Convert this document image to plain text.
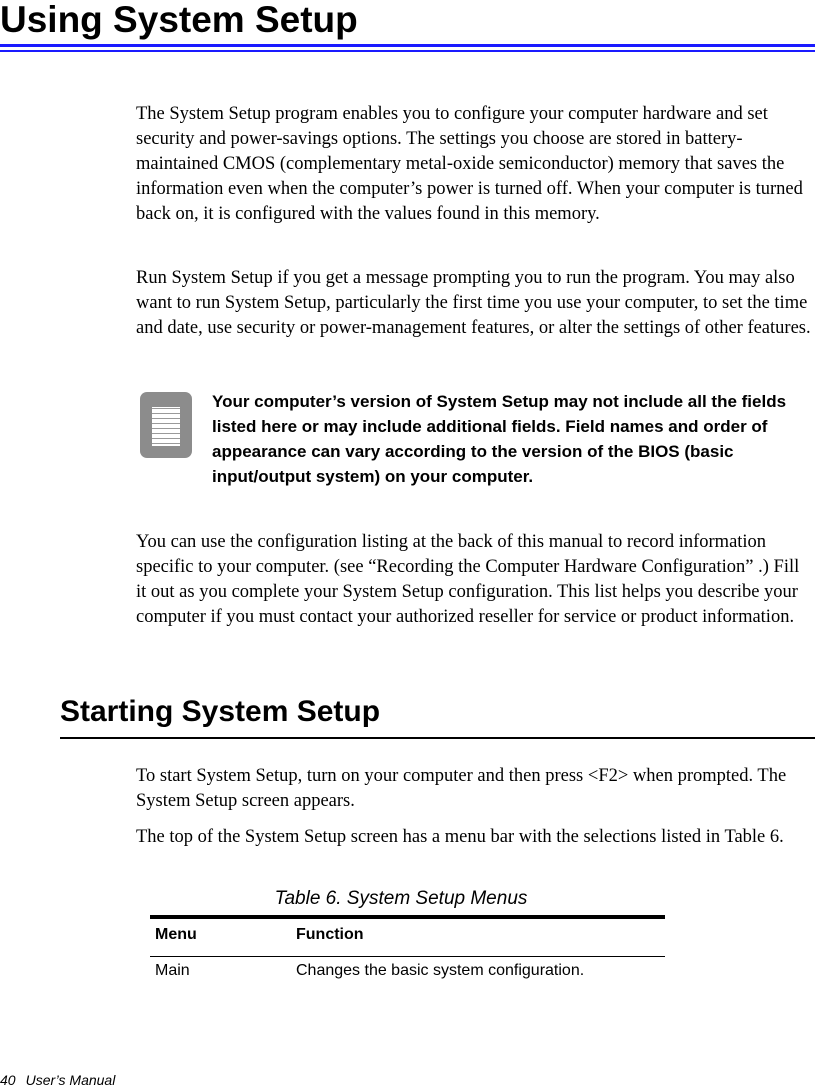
Using System Setup

The System Setup program enables you to configure your computer hardware and set security and power-savings options. The settings you choose are stored in battery-maintained CMOS (complementary metal-oxide semiconductor) memory that saves the information even when the computer’s power is turned off. When your computer is turned back on, it is configured with the values found in this memory.

Run System Setup if you get a message prompting you to run the program. You may also want to run System Setup, particularly the first time you use your computer, to set the time and date, use security or power-management features, or alter the settings of other features.

Your computer’s version of System Setup may not include all the fields listed here or may include additional fields. Field names and order of appearance can vary according to the version of the BIOS (basic input/output system) on your computer.

You can use the configuration listing at the back of this manual to record information specific to your computer. (see “Recording the Computer Hardware Configuration” .) Fill it out as you complete your System Setup configuration. This list helps you describe your computer if you must contact your authorized reseller for service or product information.

Starting System Setup

To start System Setup, turn on your computer and then press <F2> when prompted. The System Setup screen appears.

The top of the System Setup screen has a menu bar with the selections listed in Table 6.

Table 6. System Setup Menus

Menu	Function
Main	Changes the basic system configuration.

40 User’s Manual
